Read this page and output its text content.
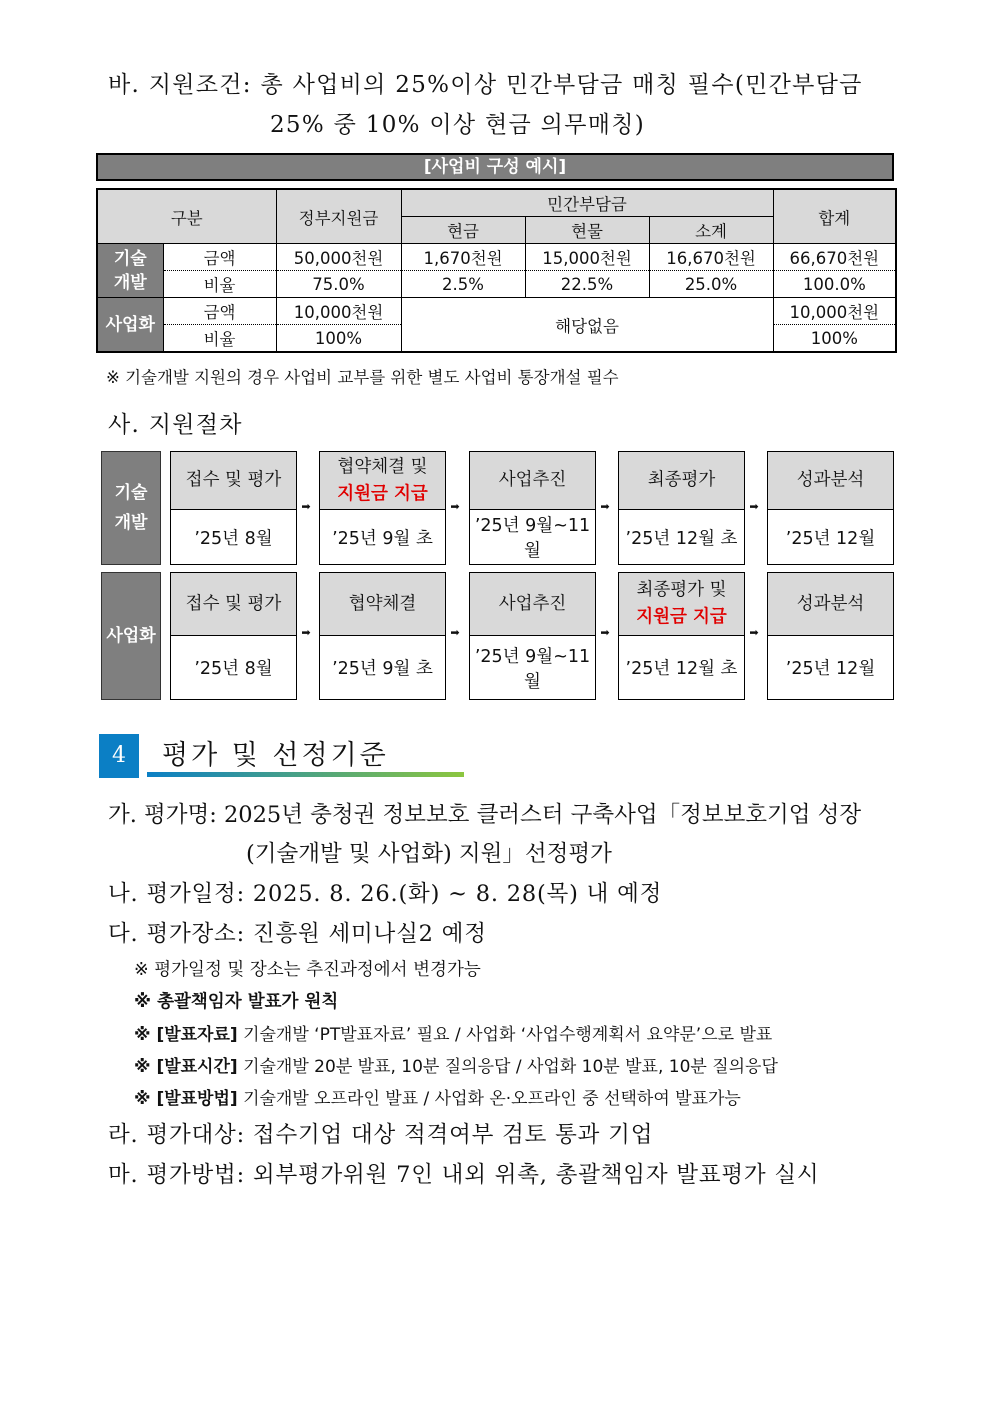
바. 지원조건: 총 사업비의 25%이상 민간부담금 매칭 필수(민간부담금
25% 중 10% 이상 현금 의무매칭)
[사업비 구성 예시]
구분		정부지원금	민간부담금			합계
			현금	현물	소계	
기술
개발	금액	50,000천원	1,670천원	15,000천원	16,670천원	66,670천원
	비율	75.0%	2.5%	22.5%	25.0%	100.0%
사업화	금액	10,000천원	해당없음			10,000천원
	비율	100%				100%
※ 기술개발 지원의 경우 사업비 교부를 위한 별도 사업비 통장개설 필수
사. 지원절차
기술
개발
접수 및 평가
’25년 8월
➡
협약체결 및
지원금 지급
’25년 9월 초
➡
사업추진
’25년 9월~11월
➡
최종평가
’25년 12월 초
➡
성과분석
’25년 12월
사업화
접수 및 평가
’25년 8월
➡
협약체결
’25년 9월 초
➡
사업추진
’25년 9월~11월
➡
최종평가 및
지원금 지급
’25년 12월 초
➡
성과분석
’25년 12월
4	평가 및 선정기준
가. 평가명: 2025년 충청권 정보보호 클러스터 구축사업「정보보호기업 성장
(기술개발 및 사업화) 지원」선정평가
나. 평가일정: 2025. 8. 26.(화) ~ 8. 28(목) 내 예정
다. 평가장소: 진흥원 세미나실2 예정
※ 평가일정 및 장소는 추진과정에서 변경가능
※ 총괄책임자 발표가 원칙
※ [발표자료] 기술개발 ‘PT발표자료’ 필요 / 사업화 ‘사업수행계획서 요약문’으로 발표
※ [발표시간] 기술개발 20분 발표, 10분 질의응답 / 사업화 10분 발표, 10분 질의응답
※ [발표방법] 기술개발 오프라인 발표 / 사업화 온·오프라인 중 선택하여 발표가능
라. 평가대상: 접수기업 대상 적격여부 검토 통과 기업
마. 평가방법: 외부평가위원 7인 내외 위촉, 총괄책임자 발표평가 실시
